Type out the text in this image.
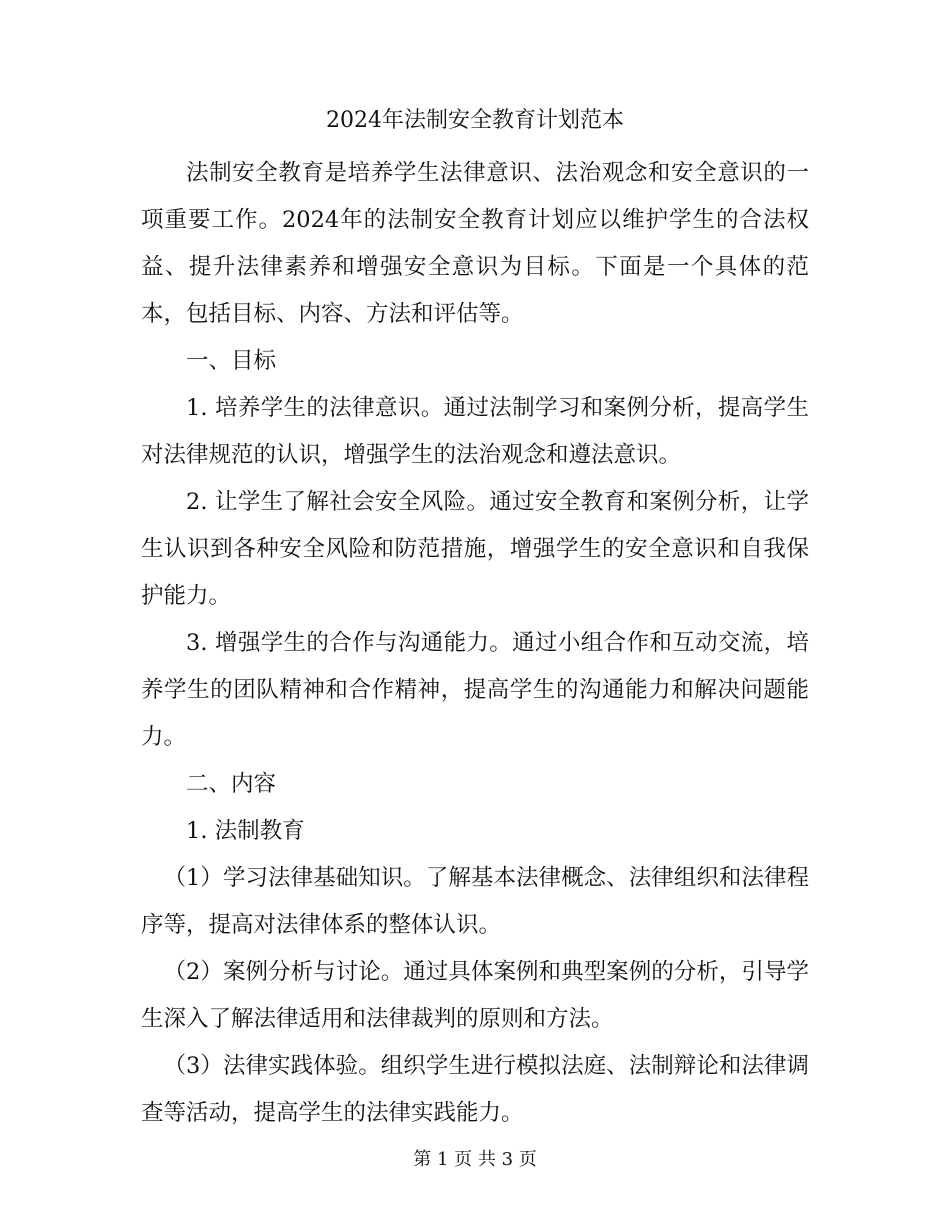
2024年法制安全教育计划范本

法制安全教育是培养学生法律意识、法治观念和安全意识的一项重要工作。2024年的法制安全教育计划应以维护学生的合法权益、提升法律素养和增强安全意识为目标。下面是一个具体的范本，包括目标、内容、方法和评估等。

一、目标

1. 培养学生的法律意识。通过法制学习和案例分析，提高学生对法律规范的认识，增强学生的法治观念和遵法意识。

2. 让学生了解社会安全风险。通过安全教育和案例分析，让学生认识到各种安全风险和防范措施，增强学生的安全意识和自我保护能力。

3. 增强学生的合作与沟通能力。通过小组合作和互动交流，培养学生的团队精神和合作精神，提高学生的沟通能力和解决问题能力。

二、内容

1. 法制教育

（1）学习法律基础知识。了解基本法律概念、法律组织和法律程序等，提高对法律体系的整体认识。

（2）案例分析与讨论。通过具体案例和典型案例的分析，引导学生深入了解法律适用和法律裁判的原则和方法。

（3）法律实践体验。组织学生进行模拟法庭、法制辩论和法律调查等活动，提高学生的法律实践能力。

第 1 页 共 3 页
